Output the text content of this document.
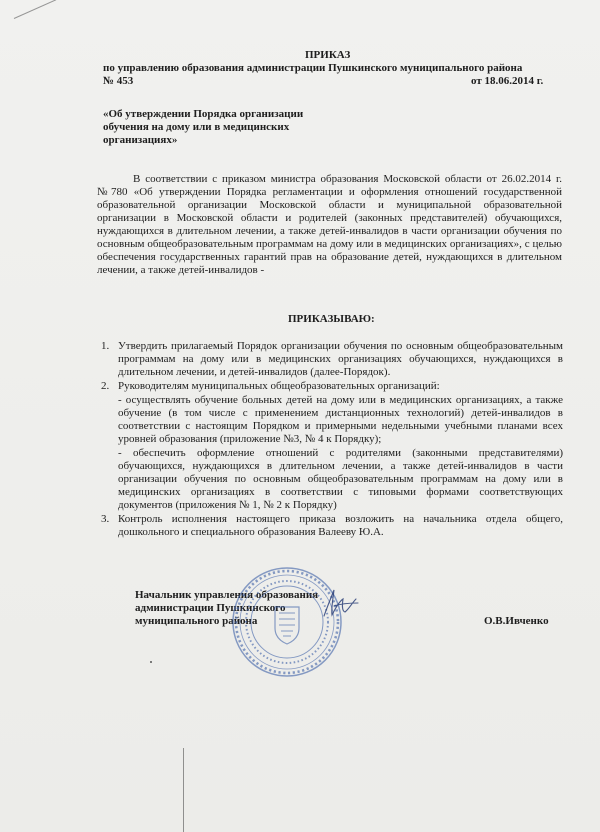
ПРИКАЗ
по управлению образования администрации Пушкинского муниципального района
№ 453	от 18.06.2014 г.
«Об утверждении Порядка организации
обучения на дому или в медицинских
организациях»
В соответствии с приказом министра образования Московской области от 26.02.2014 г. №780 «Об утверждении Порядка регламентации и оформления отношений государственной образовательной организации Московской области и муниципальной образовательной организации в Московской области и родителей (законных представителей) обучающихся, нуждающихся в длительном лечении, а также детей-инвалидов в части организации обучения по основным общеобразовательным программам на дому или в медицинских организациях», с целью обеспечения государственных гарантий прав на образование детей, нуждающихся в длительном лечении, а также детей-инвалидов -
ПРИКАЗЫВАЮ:
1. Утвердить прилагаемый Порядок организации обучения по основным общеобразовательным программам на дому или в медицинских организациях обучающихся, нуждающихся в длительном лечении, и детей-инвалидов (далее-Порядок).
2. Руководителям муниципальных общеобразовательных организаций:
- осуществлять обучение больных детей на дому или в медицинских организациях, а также обучение (в том числе с применением дистанционных технологий) детей-инвалидов в соответствии с настоящим Порядком и примерными недельными учебными планами всех уровней образования (приложение №3, № 4 к Порядку);
- обеспечить оформление отношений с родителями (законными представителями) обучающихся, нуждающихся в длительном лечении, а также детей-инвалидов в части организации обучения по основным общеобразовательным программам на дому или в медицинских организациях в соответствии с типовыми формами соответствующих документов (приложения № 1, № 2 к Порядку)
3. Контроль исполнения настоящего приказа возложить на начальника отдела общего, дошкольного и специального образования Валееву Ю.А.
Начальник управления образования
администрации Пушкинского
муниципального района	О.В.Ивченко
